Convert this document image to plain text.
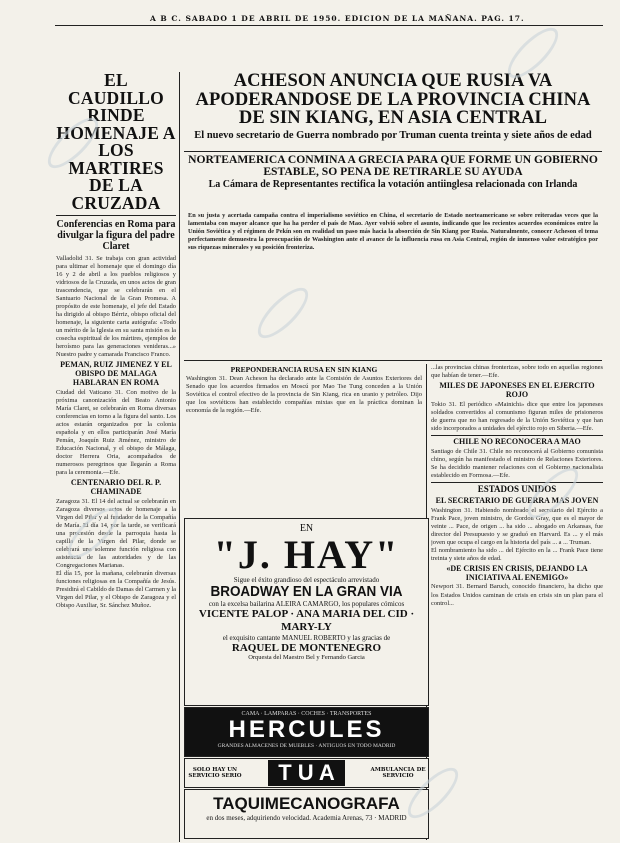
A B C. SABADO 1 DE ABRIL DE 1950. EDICION DE LA MAÑANA. PAG. 17.
EL CAUDILLO RINDE HOMENAJE A LOS MARTIRES DE LA CRUZADA
Conferencias en Roma para divulgar la figura del padre Claret

Valladolid 31. Se trabaja con gran actividad para ultimar el homenaje que el domingo día 16 y 2 de abril a los pueblos religiosos y vidriosos de la Cruzada, en unos actos de gran trascendencia, que se celebrarán en el Santuario Nacional de la Gran Promesa. A propósito de este homenaje, el jefe del Estado ha dirigido al obispo Bérriz, obispo oficial del homenaje, la siguiente carta autógrafa: «Todo un mérito de la Iglesia en su santa misión es la cosecha espiritual de los mártires, ejemplos de heroísmo para las generaciones venideras...» Nuestro padre y camarada Francisco Franco.

PEMAN, RUIZ JIMENEZ Y EL OBISPO DE MALAGA HABLARAN EN ROMA

Ciudad del Vaticano 31. Con motivo de la próxima canonización del Beato Antonio María Claret, se celebrarán en Roma diversas conferencias en torno a la figura del santo. Los actos estarán organizados por la colonia española y en ellos participarán José María Pemán, Joaquín Ruiz Jiménez, ministro de Educación Nacional, y el obispo de Málaga, doctor Herrera Oria, acompañados de numerosos peregrinos que llegarán a Roma para la ceremonia.—Efe.

CENTENARIO DEL R. P. CHAMINADE

Zaragoza 31. El 14 del actual se celebrarán en Zaragoza diversos actos de homenaje a la Virgen del Pilar y al fundador de la Compañía de María. El día 14, por la tarde, se verificará una procesión desde la parroquia hasta la capilla de la Virgen del Pilar, donde se celebrará una solemne función religiosa con asistencia de las autoridades y de las Congregaciones Marianas.

El día 15, por la mañana, celebrarán diversas funciones religiosas en la Compañía de Jesús. Presidirá el Cabildo de Damas del Carmen y la Virgen del Pilar, y el Obispo de Zaragoza y el Obispo Auxiliar, Sr. Sánchez Muñoz.

ACHESON ANUNCIA QUE RUSIA VA APODERANDOSE DE LA PROVINCIA CHINA DE SIN KIANG, EN ASIA CENTRAL
El nuevo secretario de Guerra nombrado por Truman cuenta treinta y siete años de edad
NORTEAMERICA CONMINA A GRECIA PARA QUE FORME UN GOBIERNO ESTABLE, SO PENA DE RETIRARLE SU AYUDA
La Cámara de Representantes rectifica la votación antiinglesa relacionada con Irlanda

En su justa y acertada campaña contra el imperialismo soviético en China, el secretario de Estado norteamericano se sobre reiteradas veces que la lamentaba con mayor alcance que ha ha perder el país de Mao. Ayer volvió sobre el asunto, indicando que los recientes acuerdos económicos entre la Unión Soviética y el régimen de Pekín son en realidad un paso más hacia la absorción de Sin Kiang por Rusia. Naturalmente, conocer Acheson el tema perfectamente demuestra la preocupación de Washington ante el avance de la influencia rusa en Asia Central, región de inmenso valor estratégico por sus riquezas minerales y su posición fronteriza.

PREPONDERANCIA RUSA EN SIN KIANG

Washington 31. Dean Acheson ha declarado ante la Comisión de Asuntos Exteriores del Senado que los acuerdos firmados en Moscú por Mao Tse Tung conceden a la Unión Soviética el control efectivo de la provincia de Sin Kiang, rica en uranio y petróleo. Dijo que los soviéticos han establecido compañías mixtas que en la práctica dominan la economía de la región.—Efe.

EN
"J. HAY"
Sigue el éxito grandioso del espectáculo arrevistado
BROADWAY EN LA GRAN VIA
con la excelsa bailarina ALEIRA CAMARGO, los populares cómicos
VICENTE PALOP · ANA MARIA DEL CID · MARY-LY
el exquisito cantante MANUEL ROBERTO y las gracias de
RAQUEL DE MONTENEGRO
Orquesta del Maestro Bel y Fernando Garcia
CAMA · LAMPARAS · COCHES · TRANSPORTES
HERCULES
GRANDES ALMACENES DE MUEBLES · ANTIGUOS EN TODO MADRID
SOLO HAY UN SERVICIO SERIO	T U A	AMBULANCIA DE SERVICIO
TAQUIMECANOGRAFA
en dos meses, adquiriendo velocidad. Academia Arenas, 73 · MADRID

...las provincias chinas fronterizas, sobre todo en aquellas regiones que habían de tener.—Efe.

MILES DE JAPONESES EN EL EJERCITO ROJO

Tokio 31. El periódico «Mainichi» dice que entre los japoneses soldados convertidos al comunismo figuran miles de prisioneros de guerra que no han regresado de la Unión Soviética y que han sido incorporados a unidades del ejército rojo en Siberia.—Efe.

CHILE NO RECONOCERA A MAO

Santiago de Chile 31. Chile no reconocerá al Gobierno comunista chino, según ha manifestado el ministro de Relaciones Exteriores. Se ha decidido mantener relaciones con el Gobierno nacionalista establecido en Formosa.—Efe.

ESTADOS UNIDOS
EL SECRETARIO DE GUERRA MAS JOVEN

Washington 31. Habiendo nombrado el secretario del Ejército a Frank Pace, joven ministro, de Gordon Gray, que es el mayor de veinte ... Pace, de origen ... ha sido ... abogado en Arkansas, fue director del Presupuesto y se graduó en Harvard. Es ... y el más joven que ocupa el cargo en la historia del país ... a ... Truman.

El nombramiento ha sido ... del Ejército en la ... Frank Pace tiene treinta y siete años de edad.

«DE CRISIS EN CRISIS, DEJANDO LA INICIATIVA AL ENEMIGO»

Newport 31. Bernard Baruch, conocido financiero, ha dicho que los Estados Unidos caminan de crisis en crisis sin un plan para el control...
